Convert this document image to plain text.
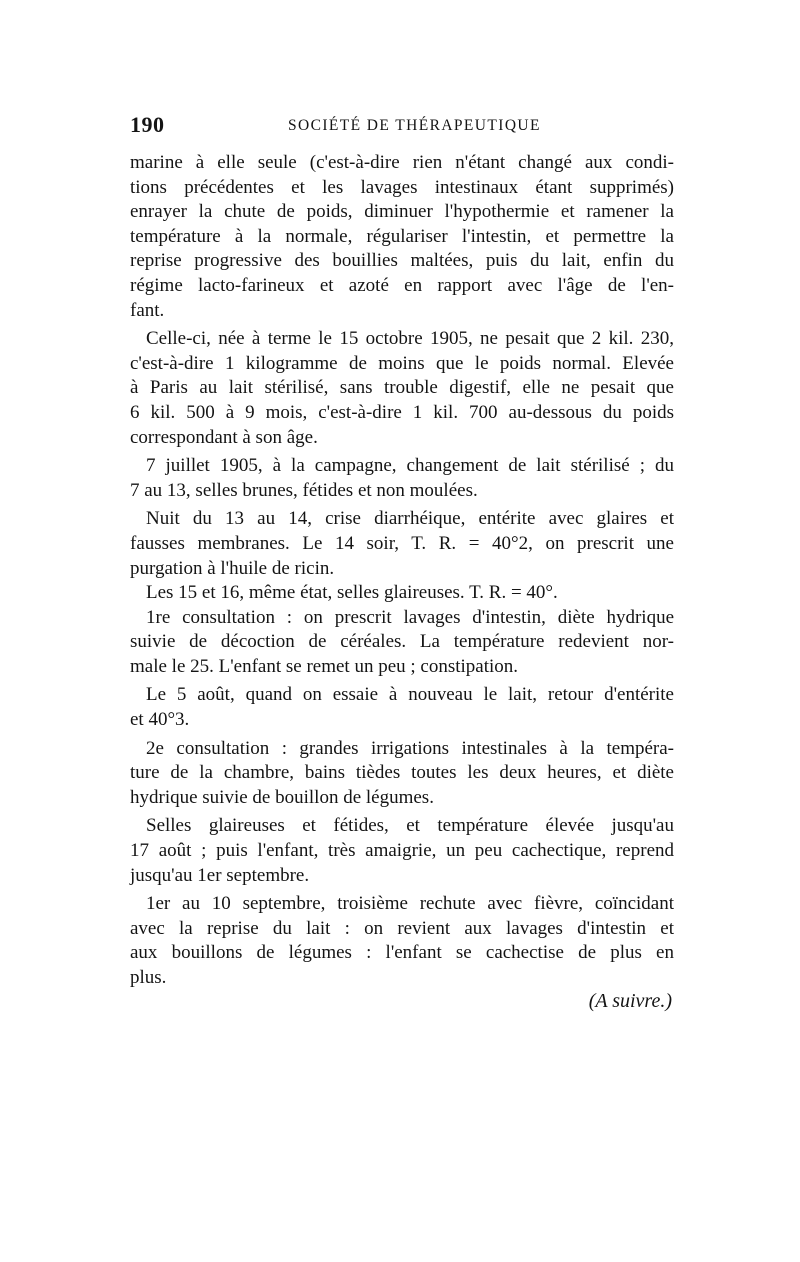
190	SOCIÉTÉ DE THÉRAPEUTIQUE
marine à elle seule (c'est-à-dire rien n'étant changé aux condi-
tions précédentes et les lavages intestinaux étant supprimés)
enrayer la chute de poids, diminuer l'hypothermie et ramener la
température à la normale, régulariser l'intestin, et permettre la
reprise progressive des bouillies maltées, puis du lait, enfin du
régime lacto-farineux et azoté en rapport avec l'âge de l'en-
fant.
Celle-ci, née à terme le 15 octobre 1905, ne pesait que 2 kil. 230,
c'est-à-dire 1 kilogramme de moins que le poids normal. Elevée
à Paris au lait stérilisé, sans trouble digestif, elle ne pesait que
6 kil. 500 à 9 mois, c'est-à-dire 1 kil. 700 au-dessous du poids
correspondant à son âge.
7 juillet 1905, à la campagne, changement de lait stérilisé ; du
7 au 13, selles brunes, fétides et non moulées.
Nuit du 13 au 14, crise diarrhéique, entérite avec glaires et
fausses membranes. Le 14 soir, T. R. = 40°2, on prescrit une
purgation à l'huile de ricin.
Les 15 et 16, même état, selles glaireuses. T. R. = 40°.
1re consultation : on prescrit lavages d'intestin, diète hydrique
suivie de décoction de céréales. La température redevient nor-
male le 25. L'enfant se remet un peu ; constipation.
Le 5 août, quand on essaie à nouveau le lait, retour d'entérite
et 40°3.
2e consultation : grandes irrigations intestinales à la tempéra-
ture de la chambre, bains tièdes toutes les deux heures, et diète
hydrique suivie de bouillon de légumes.
Selles glaireuses et fétides, et température élevée jusqu'au
17 août ; puis l'enfant, très amaigrie, un peu cachectique, reprend
jusqu'au 1er septembre.
1er au 10 septembre, troisième rechute avec fièvre, coïncidant
avec la reprise du lait : on revient aux lavages d'intestin et
aux bouillons de légumes : l'enfant se cachectise de plus en
plus.
(A suivre.)
